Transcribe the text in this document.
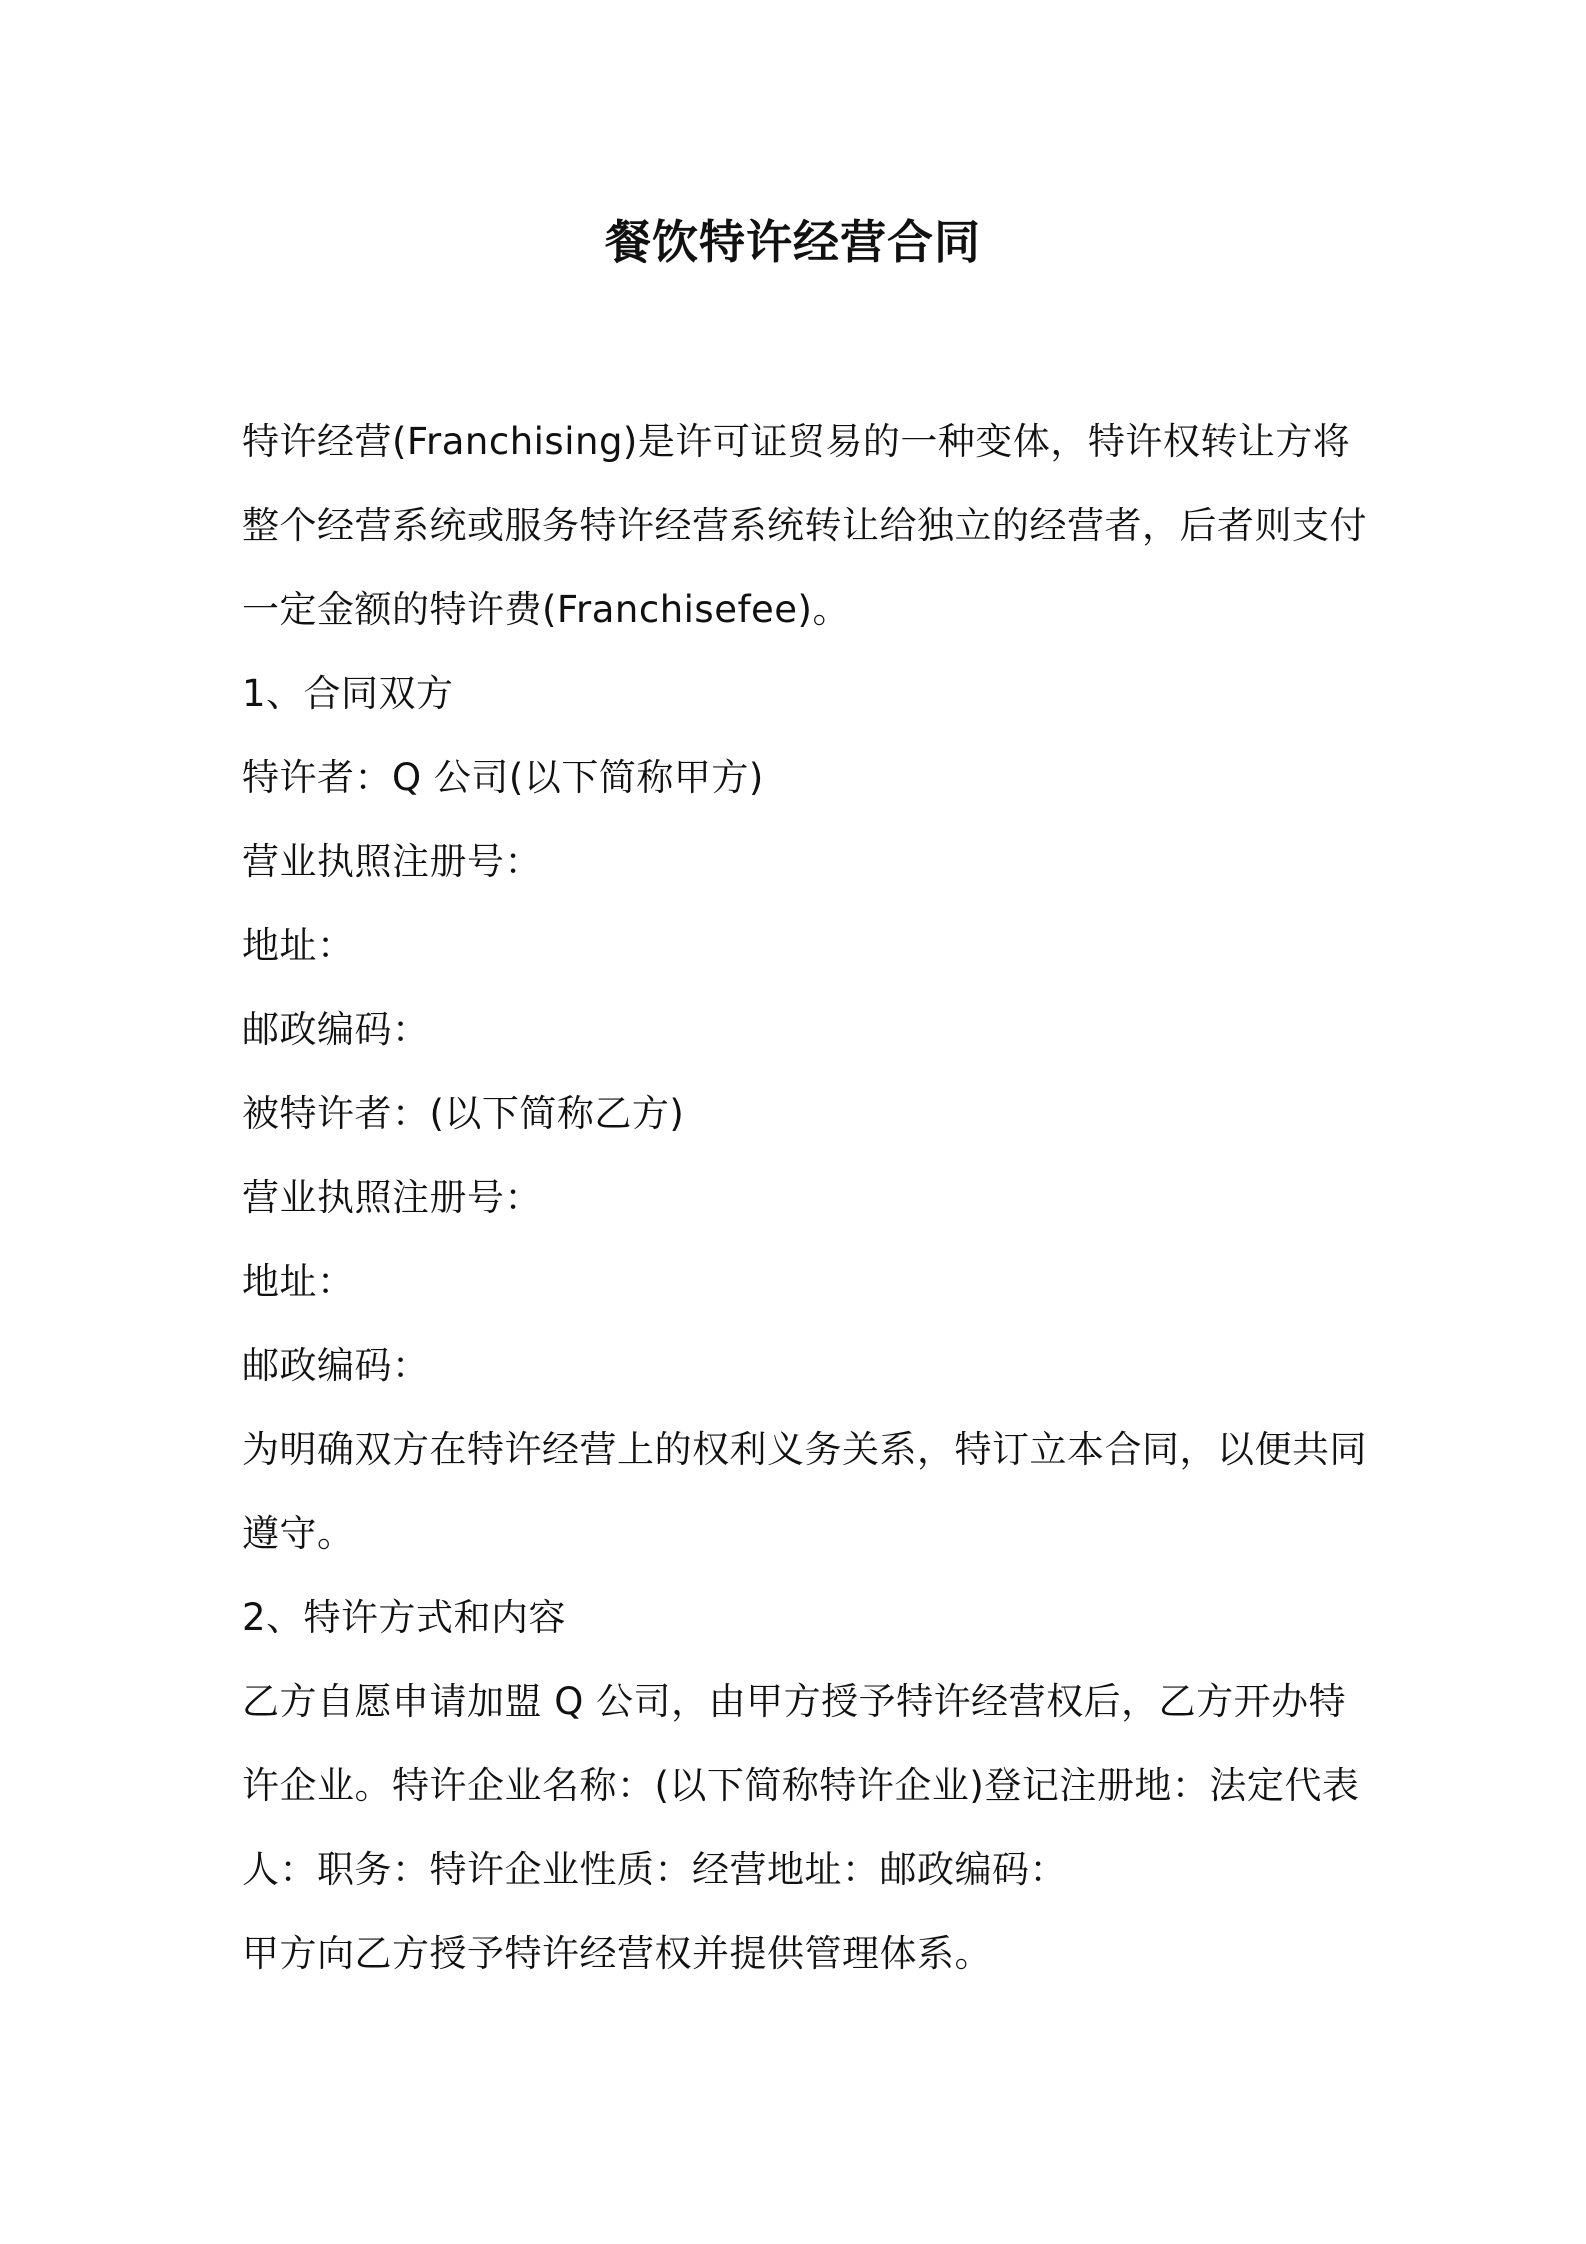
餐饮特许经营合同
特许经营(Franchising)是许可证贸易的一种变体，特许权转让方将
整个经营系统或服务特许经营系统转让给独立的经营者，后者则支付
一定金额的特许费(Franchisefee)。
1、合同双方
特许者：Q 公司(以下简称甲方)
营业执照注册号：
地址：
邮政编码：
被特许者：(以下简称乙方)
营业执照注册号：
地址：
邮政编码：
为明确双方在特许经营上的权利义务关系，特订立本合同，以便共同
遵守。
2、特许方式和内容
乙方自愿申请加盟 Q 公司，由甲方授予特许经营权后，乙方开办特
许企业。特许企业名称：(以下简称特许企业)登记注册地：法定代表
人：职务：特许企业性质：经营地址：邮政编码：
甲方向乙方授予特许经营权并提供管理体系。
